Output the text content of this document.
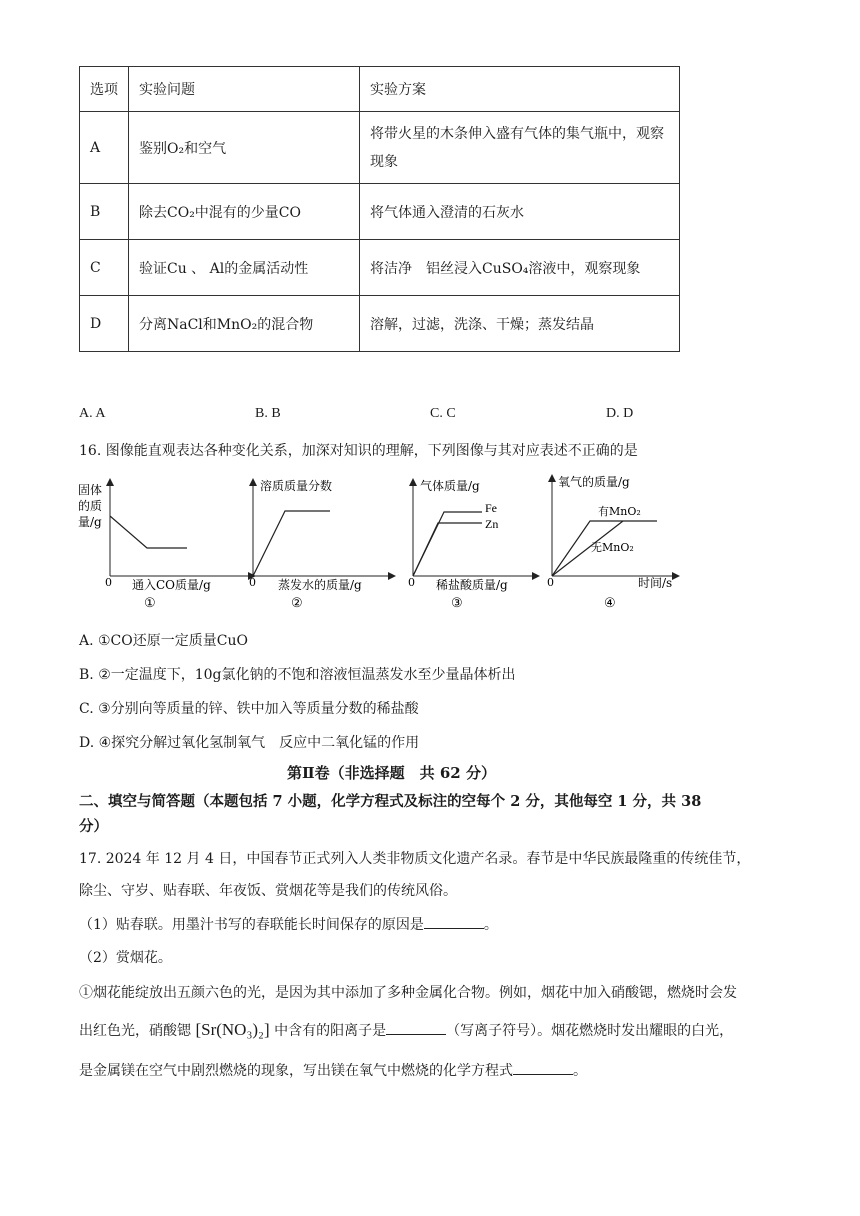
选项	实验问题	实验方案
A	鉴别O₂和空气	将带火星的木条伸入盛有气体的集气瓶中，观察现象
B	除去CO₂中混有的少量CO	将气体通入澄清的石灰水
C	验证Cu 、 Al的金属活动性	将洁净　铝丝浸入CuSO₄溶液中，观察现象
D	分离NaCl和MnO₂的混合物	溶解，过滤，洗涤、干燥；蒸发结晶
A. A	B. B	C. C	D. D
16. 图像能直观表达各种变化关系，加深对知识的理解，下列图像与其对应表述不正确的是
固体
的质
量/g
0 通入CO质量/g
①
溶质质量分数
0 蒸发水的质量/g
②
气体质量/g
Fe
Zn
0 稀盐酸质量/g
③
氧气的质量/g
有MnO₂
无MnO₂
0	时间/s
④
A. ①CO还原一定质量CuO
B. ②一定温度下，10g氯化钠的不饱和溶液恒温蒸发水至少量晶体析出
C. ③分别向等质量的锌、铁中加入等质量分数的稀盐酸
D. ④探究分解过氧化氢制氧气　反应中二氧化锰的作用
第Ⅱ卷（非选择题　共 62 分）
二、填空与简答题（本题包括 7 小题，化学方程式及标注的空每个 2 分，其他每空 1 分，共 38
分）
17. 2024 年 12 月 4 日，中国春节正式列入人类非物质文化遗产名录。春节是中华民族最隆重的传统佳节，
除尘、守岁、贴春联、年夜饭、赏烟花等是我们的传统风俗。
（1）贴春联。用墨汁书写的春联能长时间保存的原因是	。
（2）赏烟花。
①烟花能绽放出五颜六色的光，是因为其中添加了多种金属化合物。例如，烟花中加入硝酸锶，燃烧时会发
出红色光，硝酸锶 [Sr(NO₃)₂] 中含有的阳离子是	（写离子符号）。烟花燃烧时发出耀眼的白光，
是金属镁在空气中剧烈燃烧的现象，写出镁在氧气中燃烧的化学方程式	。
